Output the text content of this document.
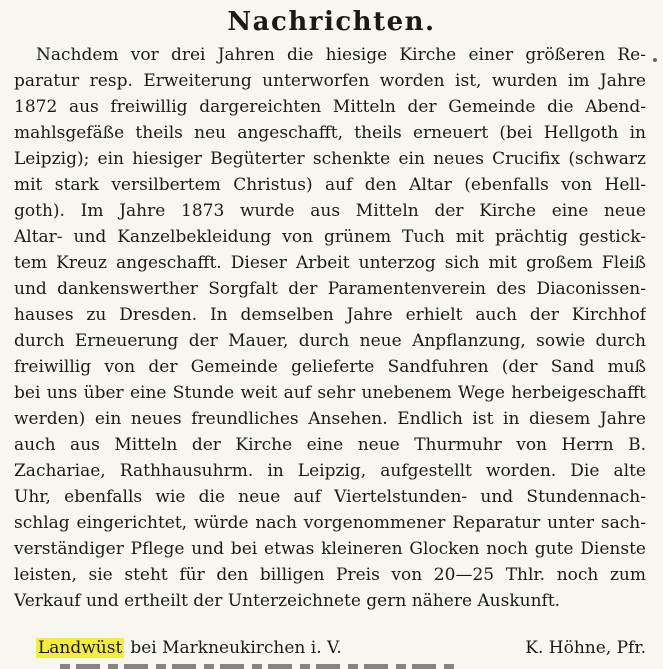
Nachrichten.
Nachdem vor drei Jahren die hiesige Kirche einer größeren Re-
paratur resp. Erweiterung unterworfen worden ist, wurden im Jahre
1872 aus freiwillig dargereichten Mitteln der Gemeinde die Abend-
mahlsgefäße theils neu angeschafft, theils erneuert (bei Hellgoth in
Leipzig); ein hiesiger Begüterter schenkte ein neues Crucifix (schwarz
mit stark versilbertem Christus) auf den Altar (ebenfalls von Hell-
goth). Im Jahre 1873 wurde aus Mitteln der Kirche eine neue
Altar- und Kanzelbekleidung von grünem Tuch mit prächtig gestick-
tem Kreuz angeschafft. Dieser Arbeit unterzog sich mit großem Fleiß
und dankenswerther Sorgfalt der Paramentenverein des Diaconissen-
hauses zu Dresden. In demselben Jahre erhielt auch der Kirchhof
durch Erneuerung der Mauer, durch neue Anpflanzung, sowie durch
freiwillig von der Gemeinde gelieferte Sandfuhren (der Sand muß
bei uns über eine Stunde weit auf sehr unebenem Wege herbeigeschafft
werden) ein neues freundliches Ansehen. Endlich ist in diesem Jahre
auch aus Mitteln der Kirche eine neue Thurmuhr von Herrn B.
Zachariae, Rathhausuhrm. in Leipzig, aufgestellt worden. Die alte
Uhr, ebenfalls wie die neue auf Viertelstunden- und Stundennach-
schlag eingerichtet, würde nach vorgenommener Reparatur unter sach-
verständiger Pflege und bei etwas kleineren Glocken noch gute Dienste
leisten, sie steht für den billigen Preis von 20—25 Thlr. noch zum
Verkauf und ertheilt der Unterzeichnete gern nähere Auskunft.
Landwüst bei Markneukirchen i. V.	K. Höhne, Pfr.
